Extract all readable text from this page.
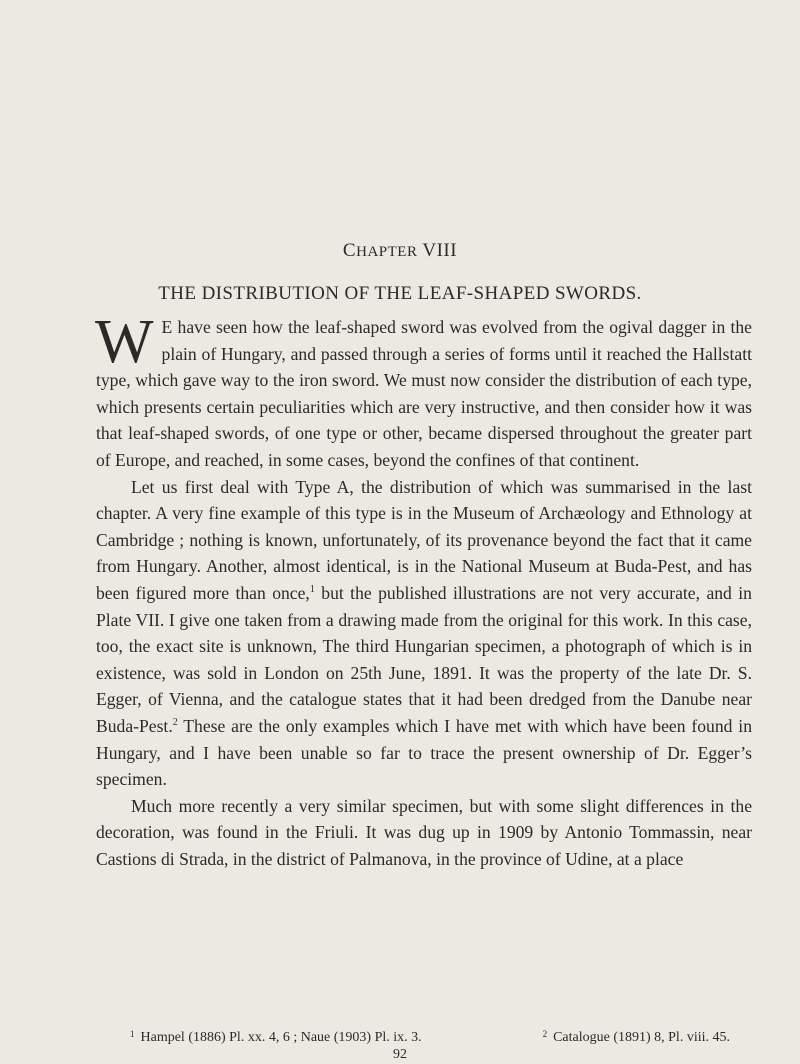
CHAPTER VIII
THE DISTRIBUTION OF THE LEAF-SHAPED SWORDS.

W E have seen how the leaf-shaped sword was evolved from the ogival dagger in the plain of Hungary, and passed through a series of forms until it reached the Hallstatt type, which gave way to the iron sword. We must now consider the distribution of each type, which presents certain peculiarities which are very instructive, and then consider how it was that leaf-shaped swords, of one type or other, became dispersed throughout the greater part of Europe, and reached, in some cases, beyond the confines of that continent.

Let us first deal with Type A, the distribution of which was summarised in the last chapter. A very fine example of this type is in the Museum of Archæology and Ethnology at Cambridge ; nothing is known, unfortunately, of its provenance beyond the fact that it came from Hungary. Another, almost identical, is in the National Museum at Buda-Pest, and has been figured more than once,$^1$ but the published illustrations are not very accurate, and in Plate VII. I give one taken from a drawing made from the original for this work. In this case, too, the exact site is unknown, The third Hungarian specimen, a photograph of which is in existence, was sold in London on 25th June, 1891. It was the property of the late Dr. S. Egger, of Vienna, and the catalogue states that it had been dredged from the Danube near Buda-Pest.$^2$ These are the only examples which I have met with which have been found in Hungary, and I have been unable so far to trace the present ownership of Dr. Egger’s specimen.

Much more recently a very similar specimen, but with some slight differences in the decoration, was found in the Friuli. It was dug up in 1909 by Antonio Tommassin, near Castions di Strada, in the district of Palmanova, in the province of Udine, at a place

$^1$ Hampel (1886) Pl. xx. 4, 6 ; Naue (1903) Pl. ix. 3.	$^2$ Catalogue (1891) 8, Pl. viii. 45.
92
